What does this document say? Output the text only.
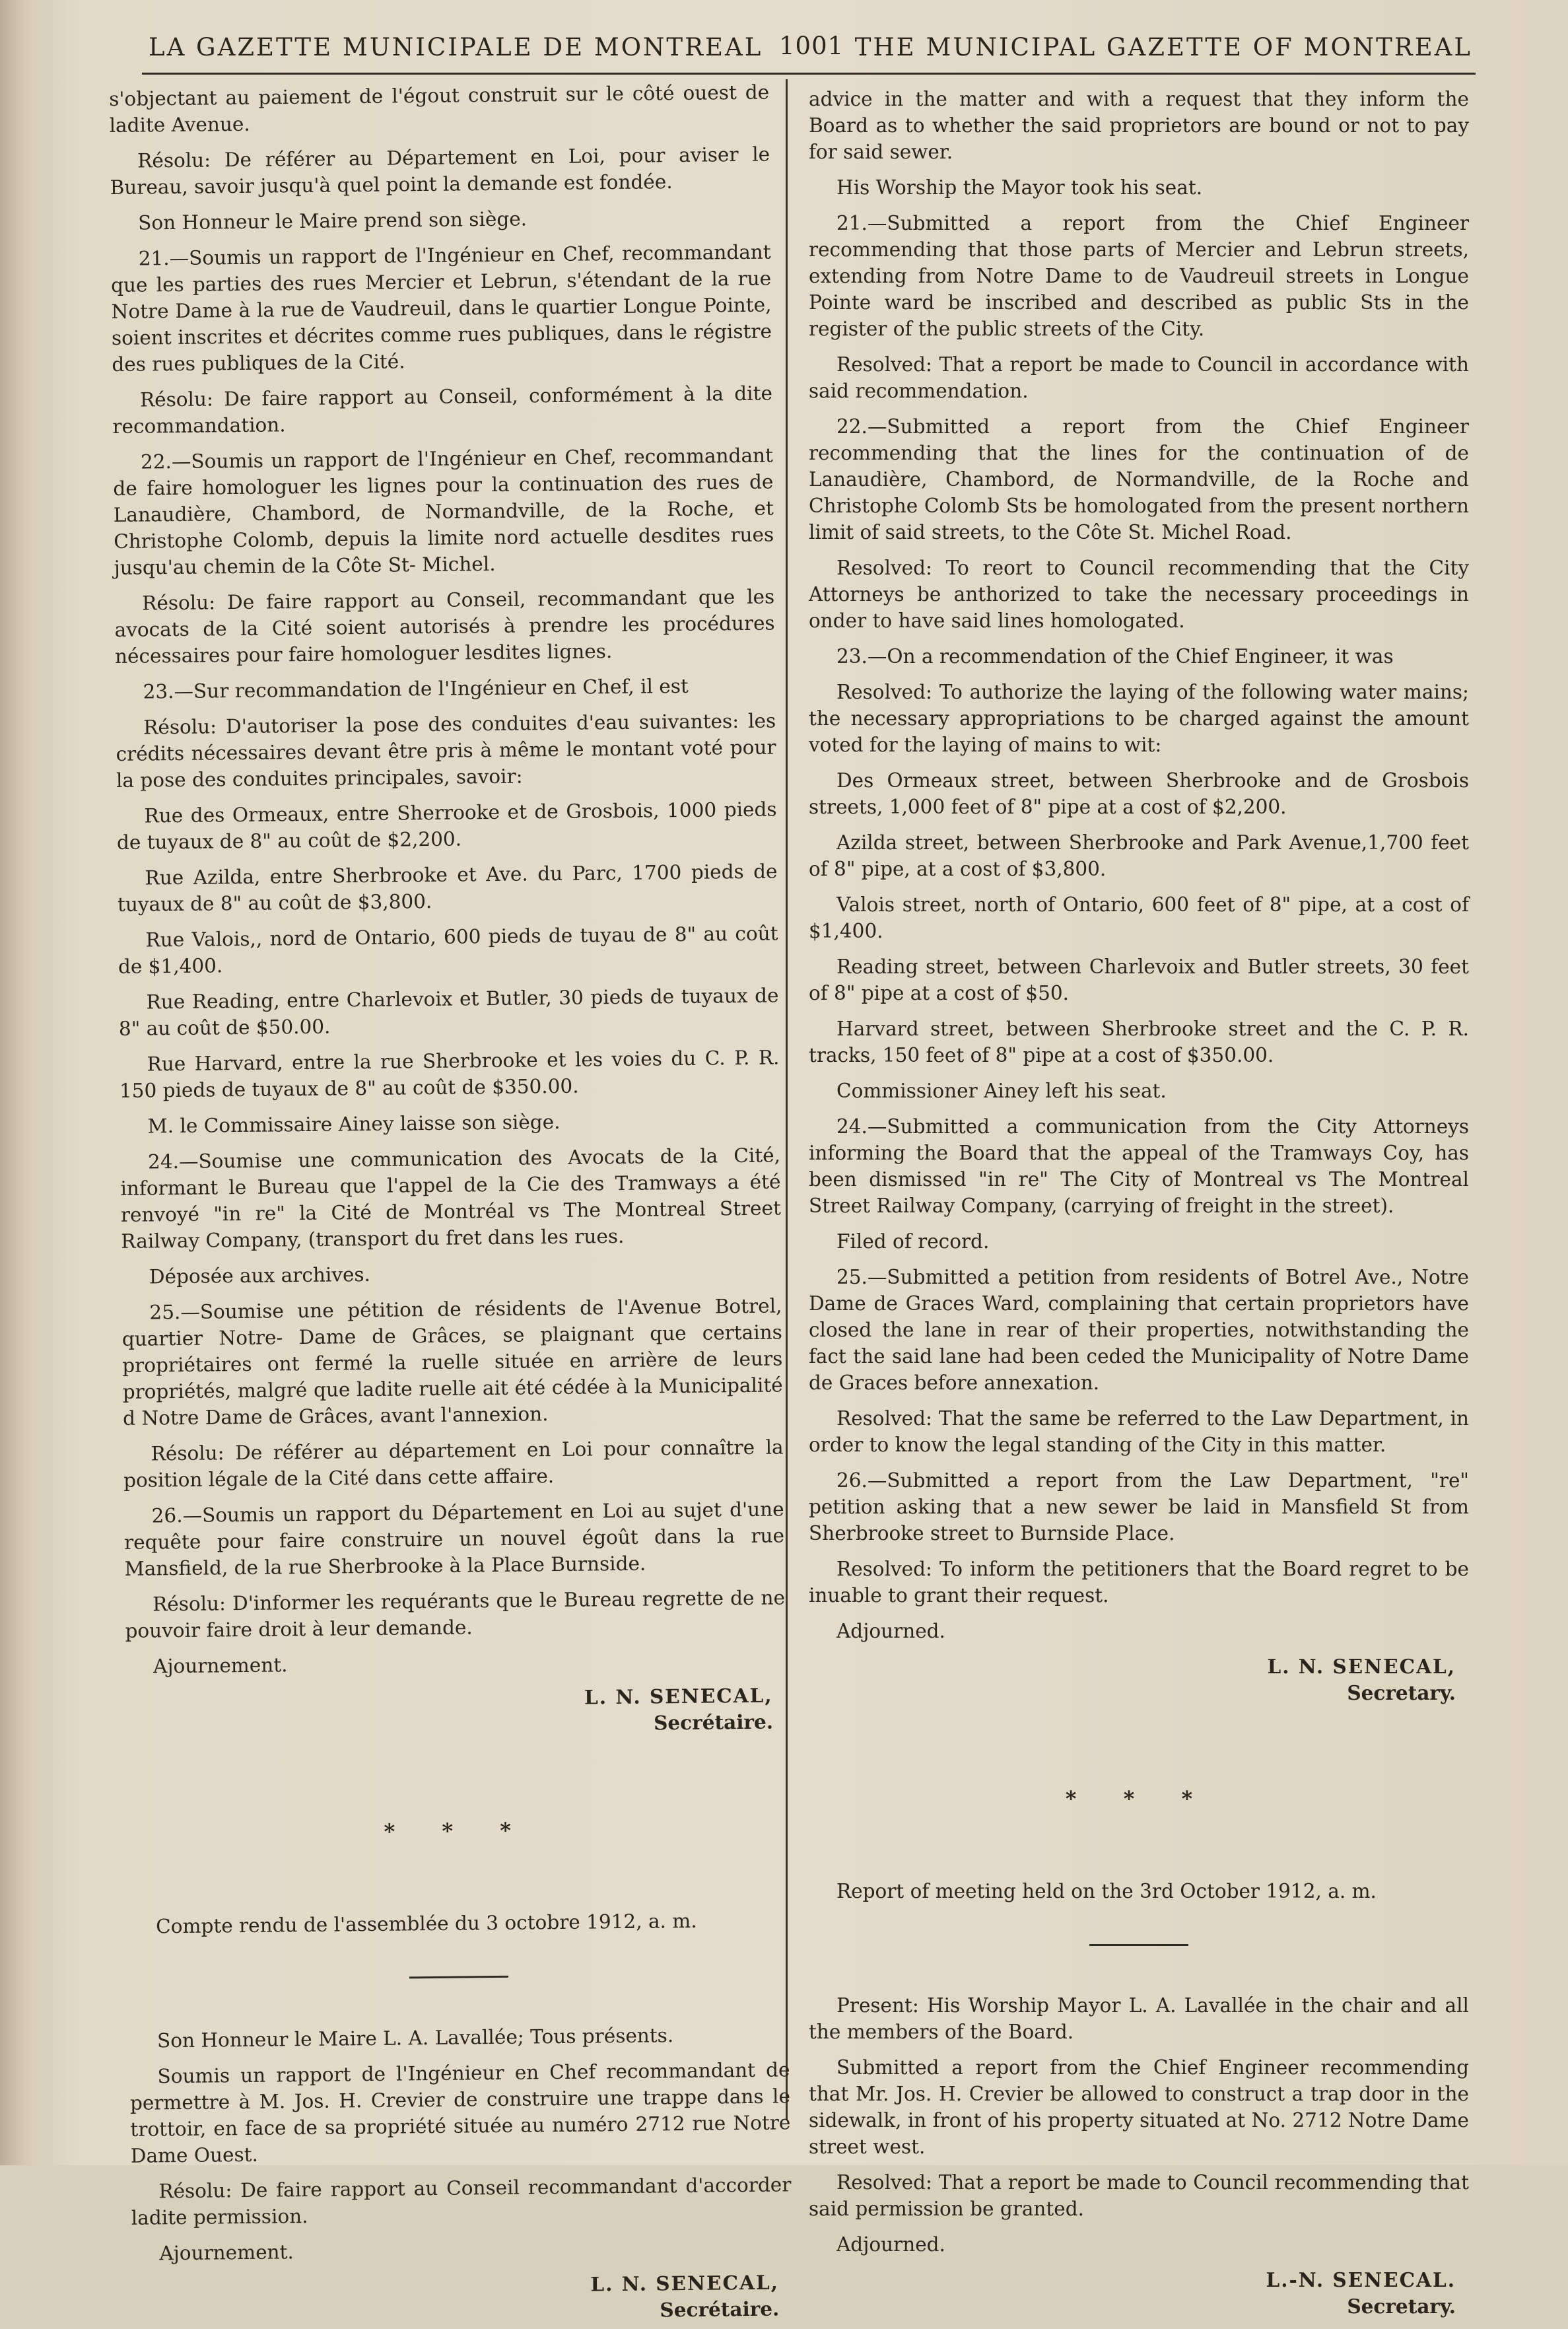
LA GAZETTE MUNICIPALE DE MONTREAL 1001 THE MUNICIPAL GAZETTE OF MONTREAL

s'objectant au paiement de l'égout construit sur le côté ouest de ladite Avenue.

Résolu: De référer au Département en Loi, pour aviser le Bureau, savoir jusqu'à quel point la demande est fondée.

Son Honneur le Maire prend son siège.

21.—Soumis un rapport de l'Ingénieur en Chef, recommandant que les parties des rues Mercier et Lebrun, s'étendant de la rue Notre Dame à la rue de Vaudreuil, dans le quartier Longue Pointe, soient inscrites et décrites comme rues publiques, dans le régistre des rues publiques de la Cité.

Résolu: De faire rapport au Conseil, conformément à la dite recommandation.

22.—Soumis un rapport de l'Ingénieur en Chef, recommandant de faire homologuer les lignes pour la continuation des rues de Lanaudière, Chambord, de Normandville, de la Roche, et Christophe Colomb, depuis la limite nord actuelle desdites rues jusqu'au chemin de la Côte St- Michel.

Résolu: De faire rapport au Conseil, recommandant que les avocats de la Cité soient autorisés à prendre les procédures nécessaires pour faire homologuer lesdites lignes.

23.—Sur recommandation de l'Ingénieur en Chef, il est

Résolu: D'autoriser la pose des conduites d'eau suivantes: les crédits nécessaires devant être pris à même le montant voté pour la pose des conduites principales, savoir:

Rue des Ormeaux, entre Sherrooke et de Grosbois, 1000 pieds de tuyaux de 8" au coût de $2,200.

Rue Azilda, entre Sherbrooke et Ave. du Parc, 1700 pieds de tuyaux de 8" au coût de $3,800.

Rue Valois,, nord de Ontario, 600 pieds de tuyau de 8" au coût de $1,400.

Rue Reading, entre Charlevoix et Butler, 30 pieds de tuyaux de 8" au coût de $50.00.

Rue Harvard, entre la rue Sherbrooke et les voies du C. P. R. 150 pieds de tuyaux de 8" au coût de $350.00.

M. le Commissaire Ainey laisse son siège.

24.—Soumise une communication des Avocats de la Cité, informant le Bureau que l'appel de la Cie des Tramways a été renvoyé "in re" la Cité de Montréal vs The Montreal Street Railway Company, (transport du fret dans les rues.

Déposée aux archives.

25.—Soumise une pétition de résidents de l'Avenue Botrel, quartier Notre- Dame de Grâces, se plaignant que certains propriétaires ont fermé la ruelle située en arrière de leurs propriétés, malgré que ladite ruelle ait été cédée à la Municipalité d Notre Dame de Grâces, avant l'annexion.

Résolu: De référer au département en Loi pour connaître la position légale de la Cité dans cette affaire.

26.—Soumis un rapport du Département en Loi au sujet d'une requête pour faire construire un nouvel égoût dans la rue Mansfield, de la rue Sherbrooke à la Place Burnside.

Résolu: D'informer les requérants que le Bureau regrette de ne pouvoir faire droit à leur demande.

Ajournement.

L. N. SENECAL,
Secrétaire.
* * *

Compte rendu de l'assemblée du 3 octobre 1912, a. m.

Son Honneur le Maire L. A. Lavallée; Tous présents.

Soumis un rapport de l'Ingénieur en Chef recommandant de permettre à M. Jos. H. Crevier de construire une trappe dans le trottoir, en face de sa propriété située au numéro 2712 rue Notre Dame Ouest.

Résolu: De faire rapport au Conseil recommandant d'accorder ladite permission.

Ajournement.

L. N. SENECAL,
Secrétaire.

advice in the matter and with a request that they inform the Board as to whether the said proprietors are bound or not to pay for said sewer.

His Worship the Mayor took his seat.

21.—Submitted a report from the Chief Engineer recommending that those parts of Mercier and Lebrun streets, extending from Notre Dame to de Vaudreuil streets in Longue Pointe ward be inscribed and described as public Sts in the register of the public streets of the City.

Resolved: That a report be made to Council in accordance with said recommendation.

22.—Submitted a report from the Chief Engineer recommending that the lines for the continuation of de Lanaudière, Chambord, de Normandville, de la Roche and Christophe Colomb Sts be homologated from the present northern limit of said streets, to the Côte St. Michel Road.

Resolved: To reort to Council recommending that the City Attorneys be anthorized to take the necessary proceedings in onder to have said lines homologated.

23.—On a recommendation of the Chief Engineer, it was

Resolved: To authorize the laying of the following water mains; the necessary appropriations to be charged against the amount voted for the laying of mains to wit:

Des Ormeaux street, between Sherbrooke and de Grosbois streets, 1,000 feet of 8" pipe at a cost of $2,200.

Azilda street, between Sherbrooke and Park Avenue,1,700 feet of 8" pipe, at a cost of $3,800.

Valois street, north of Ontario, 600 feet of 8" pipe, at a cost of $1,400.

Reading street, between Charlevoix and Butler streets, 30 feet of 8" pipe at a cost of $50.

Harvard street, between Sherbrooke street and the C. P. R. tracks, 150 feet of 8" pipe at a cost of $350.00.

Commissioner Ainey left his seat.

24.—Submitted a communication from the City Attorneys informing the Board that the appeal of the Tramways Coy, has been dismissed "in re" The City of Montreal vs The Montreal Street Railway Company, (carrying of freight in the street).

Filed of record.

25.—Submitted a petition from residents of Botrel Ave., Notre Dame de Graces Ward, complaining that certain proprietors have closed the lane in rear of their properties, notwithstanding the fact the said lane had been ceded the Municipality of Notre Dame de Graces before annexation.

Resolved: That the same be referred to the Law Department, in order to know the legal standing of the City in this matter.

26.—Submitted a report from the Law Department, "re" petition asking that a new sewer be laid in Mansfield St from Sherbrooke street to Burnside Place.

Resolved: To inform the petitioners that the Board regret to be inuable to grant their request.

Adjourned.

L. N. SENECAL,
Secretary.
* * *

Report of meeting held on the 3rd October 1912, a. m.

Present: His Worship Mayor L. A. Lavallée in the chair and all the members of the Board.

Submitted a report from the Chief Engineer recommending that Mr. Jos. H. Crevier be allowed to construct a trap door in the sidewalk, in front of his property situated at No. 2712 Notre Dame street west.

Resolved: That a report be made to Council recommending that said permission be granted.

Adjourned.

L.-N. SENECAL.
Secretary.
